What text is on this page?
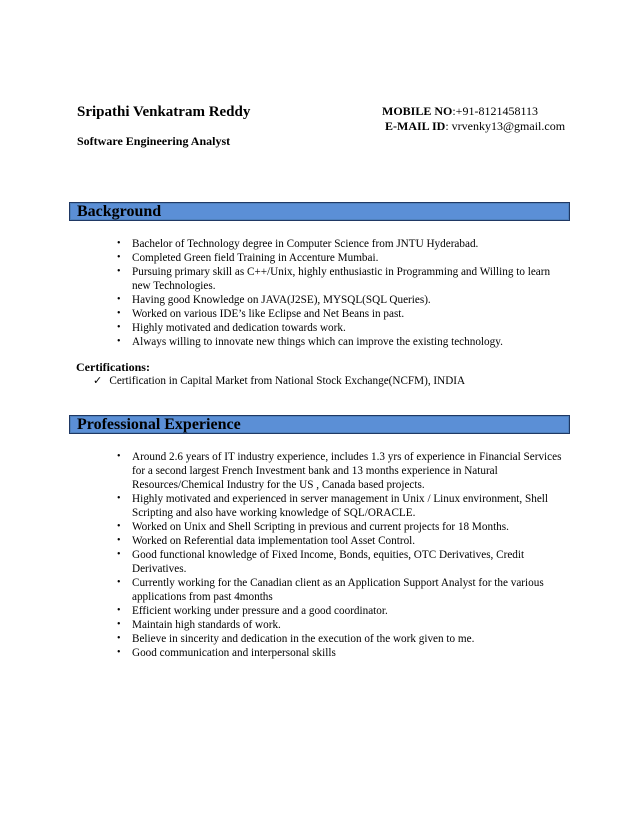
Sripathi Venkatram Reddy
Software Engineering Analyst
MOBILE NO:+91-8121458113
E-MAIL ID: vrvenky13@gmail.com
Background
• Bachelor of Technology degree in Computer Science from JNTU Hyderabad.
• Completed Green field Training in Accenture Mumbai.
• Pursuing primary skill as C++/Unix, highly enthusiastic in Programming and Willing to learn new Technologies.
• Having good Knowledge on JAVA(J2SE), MYSQL(SQL Queries).
• Worked on various IDE’s like Eclipse and Net Beans in past.
• Highly motivated and dedication towards work.
• Always willing to innovate new things which can improve the existing technology.
Certifications:
✓ Certification in Capital Market from National Stock Exchange(NCFM), INDIA
Professional Experience
• Around 2.6 years of IT industry experience, includes 1.3 yrs of experience in Financial Services for a second largest French Investment bank and 13 months experience in Natural Resources/Chemical Industry for the US , Canada based projects.
• Highly motivated and experienced in server management in Unix / Linux environment, Shell Scripting and also have working knowledge of SQL/ORACLE.
• Worked on Unix and Shell Scripting in previous and current projects for 18 Months.
• Worked on Referential data implementation tool Asset Control.
• Good functional knowledge of Fixed Income, Bonds, equities, OTC Derivatives, Credit Derivatives.
• Currently working for the Canadian client as an Application Support Analyst for the various applications from past 4months
• Efficient working under pressure and a good coordinator.
• Maintain high standards of work.
• Believe in sincerity and dedication in the execution of the work given to me.
• Good communication and interpersonal skills
